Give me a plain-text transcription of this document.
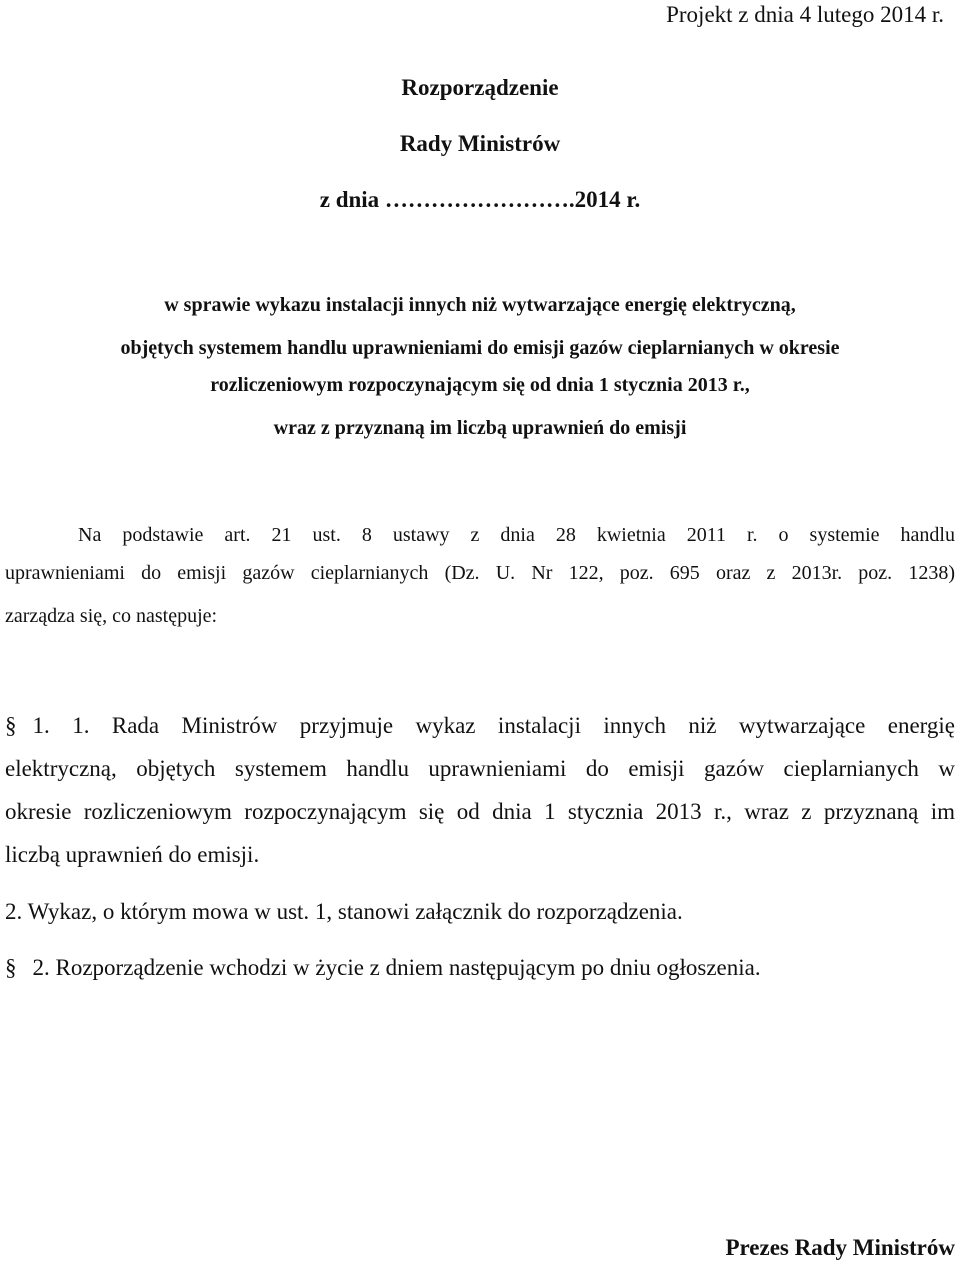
Projekt z dnia 4 lutego 2014 r.
Rozporządzenie
Rady Ministrów
z dnia …………………….2014 r.
w sprawie wykazu instalacji innych niż wytwarzające energię elektryczną,
objętych systemem handlu uprawnieniami do emisji gazów cieplarnianych w okresie
rozliczeniowym rozpoczynającym się od dnia 1 stycznia 2013 r.,
wraz z przyznaną im liczbą uprawnień do emisji
Na podstawie art. 21 ust. 8 ustawy z dnia 28 kwietnia 2011 r. o systemie handlu
uprawnieniami do emisji gazów cieplarnianych (Dz. U. Nr 122, poz. 695 oraz z 2013r. poz. 1238)
zarządza się, co następuje:
§ 1. 1. Rada Ministrów przyjmuje wykaz instalacji innych niż wytwarzające energię
elektryczną, objętych systemem handlu uprawnieniami do emisji gazów cieplarnianych w
okresie rozliczeniowym rozpoczynającym się od dnia 1 stycznia 2013 r., wraz z przyznaną im
liczbą uprawnień do emisji.
2. Wykaz, o którym mowa w ust. 1, stanowi załącznik do rozporządzenia.
§ 2. Rozporządzenie wchodzi w życie z dniem następującym po dniu ogłoszenia.
Prezes Rady Ministrów
